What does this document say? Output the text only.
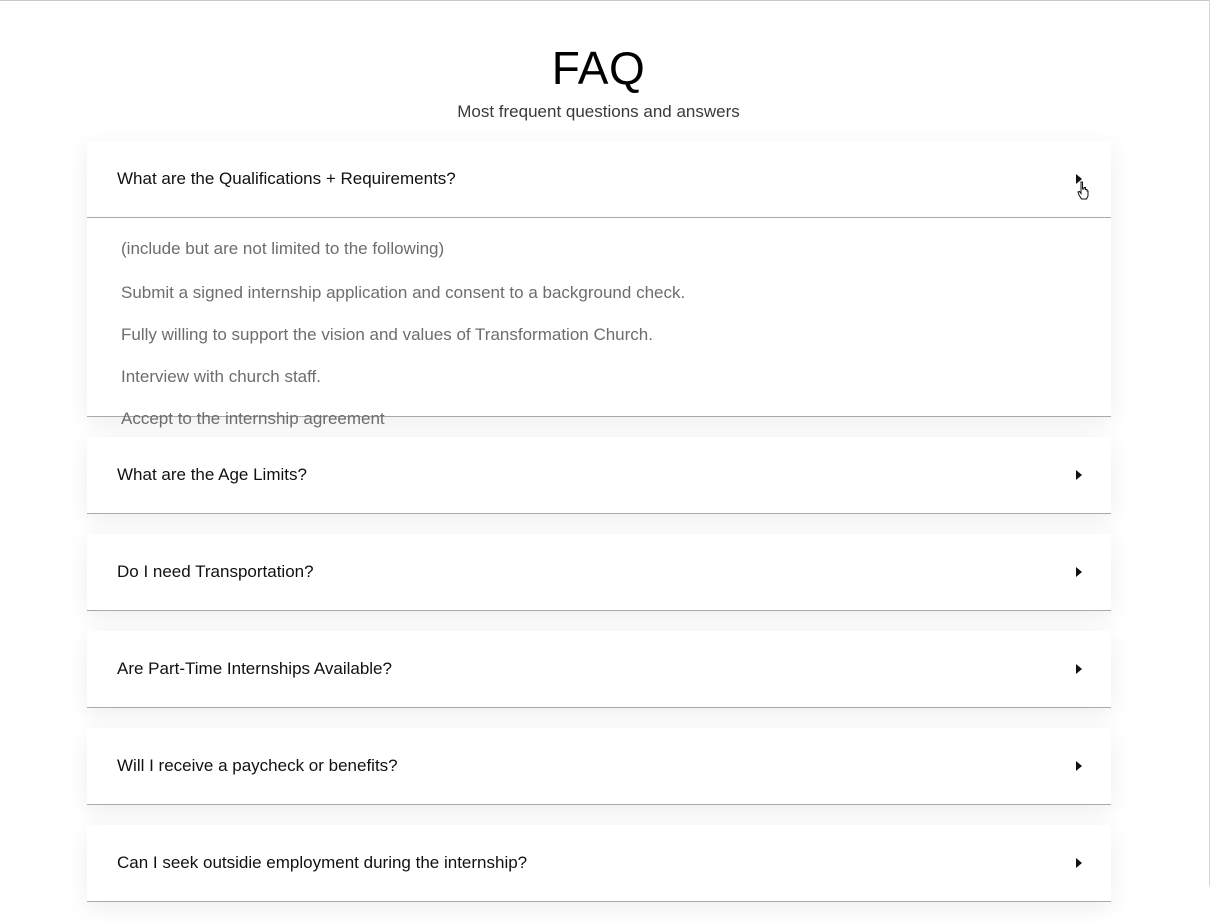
FAQ
Most frequent questions and answers
What are the Qualifications + Requirements?
(include but are not limited to the following)
Submit a signed internship application and consent to a background check.
Fully willing to support the vision and values of Transformation Church.
Interview with church staff.
Accept to the internship agreement
What are the Age Limits?
Do I need Transportation?
Are Part-Time Internships Available?
Will I receive a paycheck or benefits?
Can I seek outsidie employment during the internship?
